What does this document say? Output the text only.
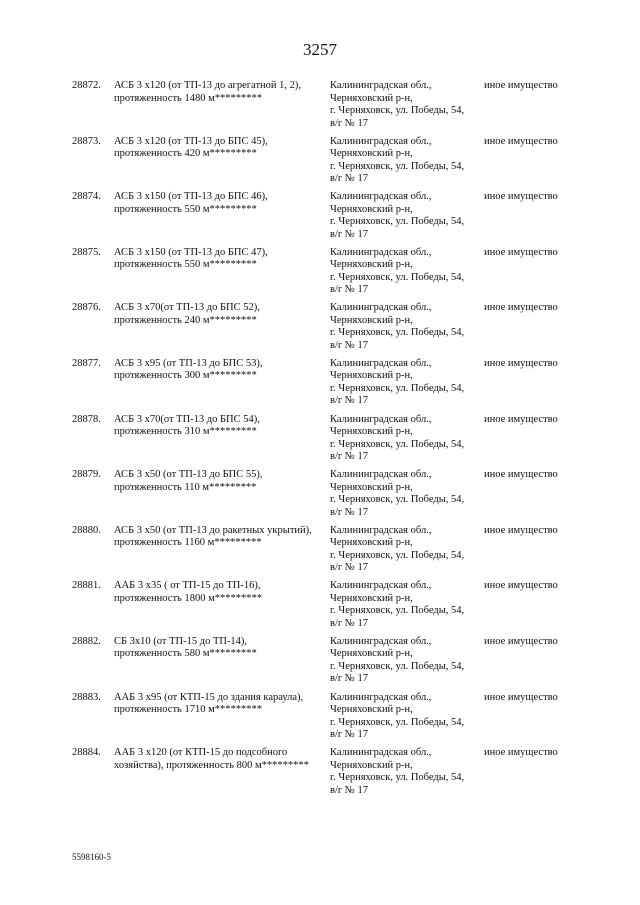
3257
28872. АСБ 3 х120 (от ТП-13 до агрегатной 1, 2),
протяженность 1480 м*********
Калининградская обл.,
Черняховский р-н,
г. Черняховск, ул. Победы, 54,
в/г № 17
иное имущество
28873. АСБ 3 х120 (от ТП-13 до БПС 45),
протяженность 420 м*********
Калининградская обл.,
Черняховский р-н,
г. Черняховск, ул. Победы, 54,
в/г № 17
иное имущество
28874. АСБ 3 х150 (от ТП-13 до БПС 46),
протяженность 550 м*********
Калининградская обл.,
Черняховский р-н,
г. Черняховск, ул. Победы, 54,
в/г № 17
иное имущество
28875. АСБ 3 х150 (от ТП-13 до БПС 47),
протяженность 550 м*********
Калининградская обл.,
Черняховский р-н,
г. Черняховск, ул. Победы, 54,
в/г № 17
иное имущество
28876. АСБ 3 х70(от ТП-13 до БПС 52),
протяженность 240 м*********
Калининградская обл.,
Черняховский р-н,
г. Черняховск, ул. Победы, 54,
в/г № 17
иное имущество
28877. АСБ 3 х95 (от ТП-13 до БПС 53),
протяженность 300 м*********
Калининградская обл.,
Черняховский р-н,
г. Черняховск, ул. Победы, 54,
в/г № 17
иное имущество
28878. АСБ 3 х70(от ТП-13 до БПС 54),
протяженность 310 м*********
Калининградская обл.,
Черняховский р-н,
г. Черняховск, ул. Победы, 54,
в/г № 17
иное имущество
28879. АСБ 3 х50 (от ТП-13 до БПС 55),
протяженность 110 м*********
Калининградская обл.,
Черняховский р-н,
г. Черняховск, ул. Победы, 54,
в/г № 17
иное имущество
28880. АСБ 3 х50 (от ТП-13 до ракетных укрытий),
протяженность 1160 м*********
Калининградская обл.,
Черняховский р-н,
г. Черняховск, ул. Победы, 54,
в/г № 17
иное имущество
28881. ААБ 3 х35 ( от ТП-15 до ТП-16),
протяженность 1800 м*********
Калининградская обл.,
Черняховский р-н,
г. Черняховск, ул. Победы, 54,
в/г № 17
иное имущество
28882. СБ 3х10 (от ТП-15 до ТП-14),
протяженность 580 м*********
Калининградская обл.,
Черняховский р-н,
г. Черняховск, ул. Победы, 54,
в/г № 17
иное имущество
28883. ААБ 3 х95 (от КТП-15 до здания караула),
протяженность 1710 м*********
Калининградская обл.,
Черняховский р-н,
г. Черняховск, ул. Победы, 54,
в/г № 17
иное имущество
28884. ААБ 3 х120 (от КТП-15 до подсобного
хозяйства), протяженность 800 м*********
Калининградская обл.,
Черняховский р-н,
г. Черняховск, ул. Победы, 54,
в/г № 17
иное имущество
5598160-5
